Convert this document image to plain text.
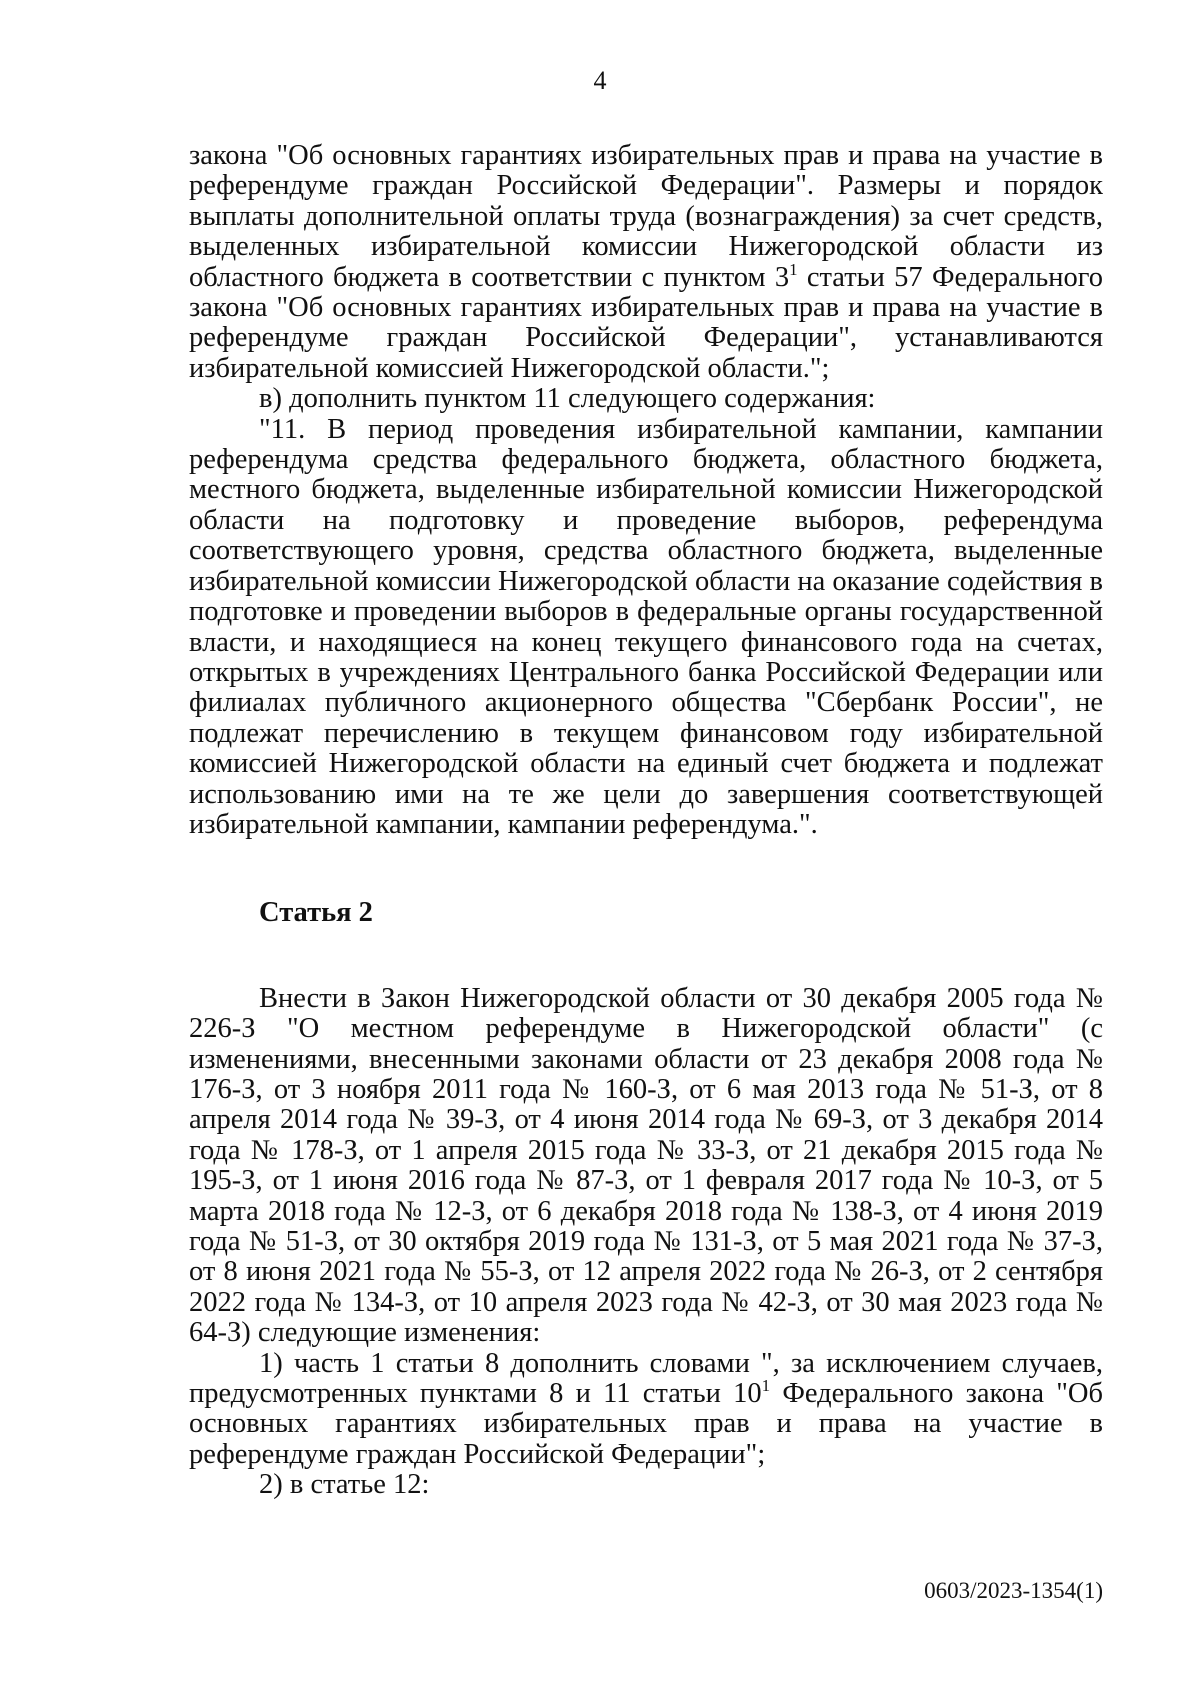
4

закона "Об основных гарантиях избирательных прав и права на участие в референдуме граждан Российской Федерации". Размеры и порядок выплаты дополнительной оплаты труда (вознаграждения) за счет средств, выделенных избирательной комиссии Нижегородской области из областного бюджета в соответствии с пунктом $3^1$ статьи 57 Федерального закона "Об основных гарантиях избирательных прав и права на участие в референдуме граждан Российской Федерации", устанавливаются избирательной комиссией Нижегородской области.";

в) дополнить пунктом 11 следующего содержания:

"11. В период проведения избирательной кампании, кампании референдума средства федерального бюджета, областного бюджета, местного бюджета, выделенные избирательной комиссии Нижегородской области на подготовку и проведение выборов, референдума соответствующего уровня, средства областного бюджета, выделенные избирательной комиссии Нижегородской области на оказание содействия в подготовке и проведении выборов в федеральные органы государственной власти, и находящиеся на конец текущего финансового года на счетах, открытых в учреждениях Центрального банка Российской Федерации или филиалах публичного акционерного общества "Сбербанк России", не подлежат перечислению в текущем финансовом году избирательной комиссией Нижегородской области на единый счет бюджета и подлежат использованию ими на те же цели до завершения соответствующей избирательной кампании, кампании референдума.".

Статья 2

Внести в Закон Нижегородской области от 30 декабря 2005 года № 226-З "О местном референдуме в Нижегородской области" (с изменениями, внесенными законами области от 23 декабря 2008 года № 176-З, от 3 ноября 2011 года № 160-З, от 6 мая 2013 года № 51-З, от 8 апреля 2014 года № 39-З, от 4 июня 2014 года № 69-З, от 3 декабря 2014 года № 178-З, от 1 апреля 2015 года № 33-З, от 21 декабря 2015 года № 195-З, от 1 июня 2016 года № 87-З, от 1 февраля 2017 года № 10-З, от 5 марта 2018 года № 12-З, от 6 декабря 2018 года № 138-З, от 4 июня 2019 года № 51-З, от 30 октября 2019 года № 131-З, от 5 мая 2021 года № 37-З, от 8 июня 2021 года № 55-З, от 12 апреля 2022 года № 26-З, от 2 сентября 2022 года № 134-З, от 10 апреля 2023 года № 42-З, от 30 мая 2023 года № 64-З) следующие изменения:

1) часть 1 статьи 8 дополнить словами ", за исключением случаев, предусмотренных пунктами 8 и 11 статьи $10^1$ Федерального закона "Об основных гарантиях избирательных прав и права на участие в референдуме граждан Российской Федерации";

2) в статье 12:

0603/2023-1354(1)
